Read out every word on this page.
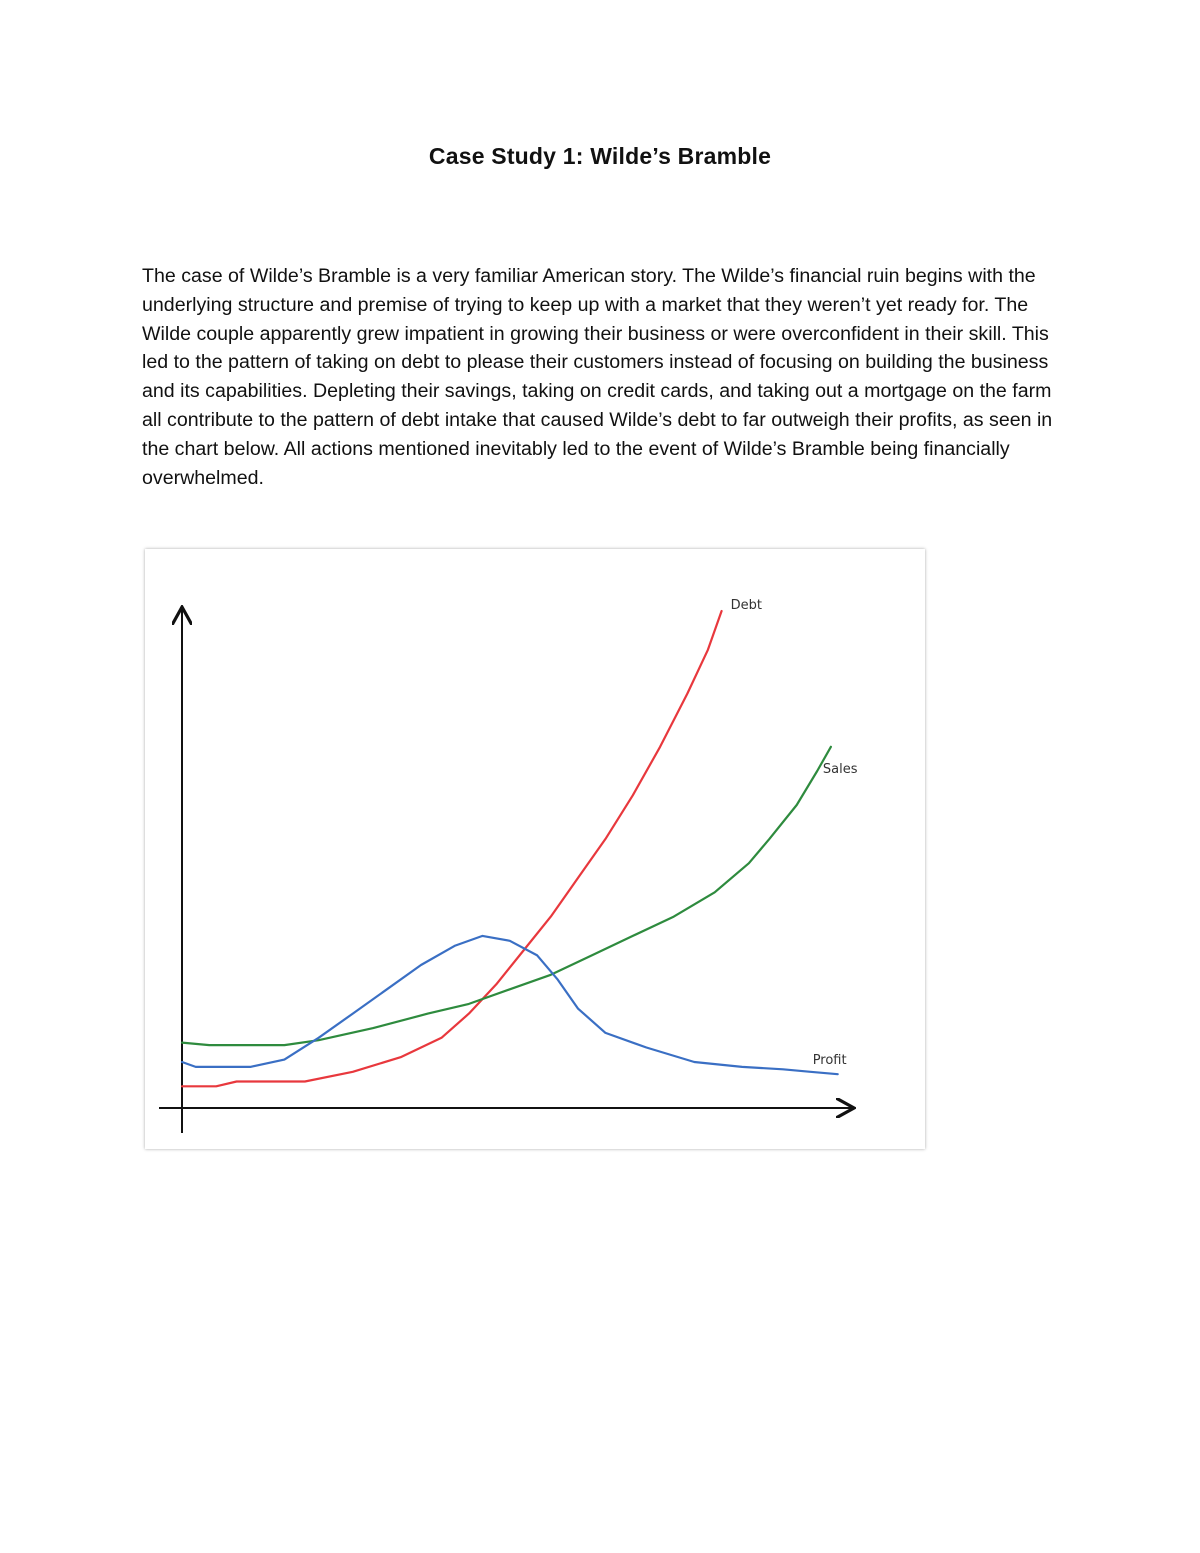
Case Study 1: Wilde’s Bramble

The case of Wilde’s Bramble is a very familiar American story. The Wilde’s financial ruin begins with the underlying structure and premise of trying to keep up with a market that they weren’t yet ready for. The Wilde couple apparently grew impatient in growing their business or were overconfident in their skill. This led to the pattern of taking on debt to please their customers instead of focusing on building the business and its capabilities. Depleting their savings, taking on credit cards, and taking out a mortgage on the farm all contribute to the pattern of debt intake that caused Wilde’s debt to far outweigh their profits, as seen in the chart below. All actions mentioned inevitably led to the event of Wilde’s Bramble being financially overwhelmed.

Debt
Sales
Profit
